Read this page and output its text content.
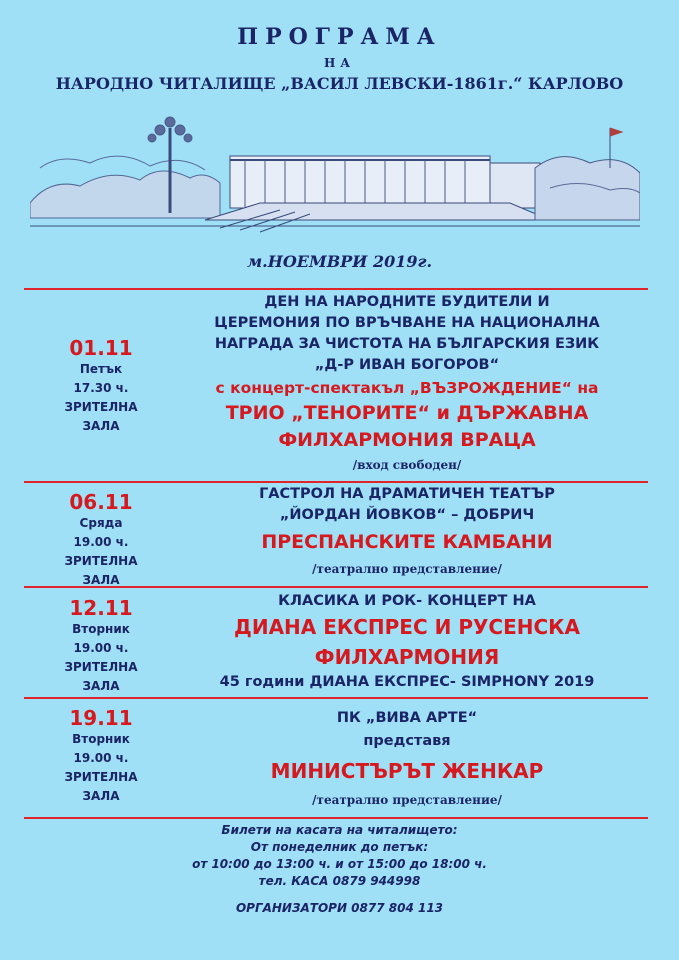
ПРОГРАМА
НА
НАРОДНО ЧИТАЛИЩЕ „ВАСИЛ ЛЕВСКИ-1861г.“ КАРЛОВО
м.НОЕМВРИ 2019г.
01.11
Петък
17.30 ч.
ЗРИТЕЛНА
ЗАЛА
ДЕН НА НАРОДНИТЕ БУДИТЕЛИ И
ЦЕРЕМОНИЯ ПО ВРЪЧВАНЕ НА НАЦИОНАЛНА
НАГРАДА ЗА ЧИСТОТА НА БЪЛГАРСКИЯ ЕЗИК
„Д-Р ИВАН БОГОРОВ“
с концерт-спектакъл „ВЪЗРОЖДЕНИЕ“ на
ТРИО „ТЕНОРИТЕ“ и ДЪРЖАВНА
ФИЛХАРМОНИЯ ВРАЦА
/вход свободен/
06.11
Сряда
19.00 ч.
ЗРИТЕЛНА
ЗАЛА
ГАСТРОЛ НА ДРАМАТИЧЕН ТЕАТЪР
„ЙОРДАН ЙОВКОВ“ – ДОБРИЧ
ПРЕСПАНСКИТЕ КАМБАНИ
/театрално представление/
12.11
Вторник
19.00 ч.
ЗРИТЕЛНА
ЗАЛА
КЛАСИКА И РОК- КОНЦЕРТ НА
ДИАНА ЕКСПРЕС И РУСЕНСКА
ФИЛХАРМОНИЯ
45 години ДИАНА ЕКСПРЕС- SIMPHONY 2019
19.11
Вторник
19.00 ч.
ЗРИТЕЛНА
ЗАЛА
ПК „ВИВА АРТЕ“
представя
МИНИСТЪРЪТ ЖЕНКАР
/театрално представление/
Билети на касата на читалището:
От понеделник до петък:
от 10:00 до 13:00 ч. и от 15:00 до 18:00 ч.
тел. КАСА 0879 944998
ОРГАНИЗАТОРИ 0877 804 113
